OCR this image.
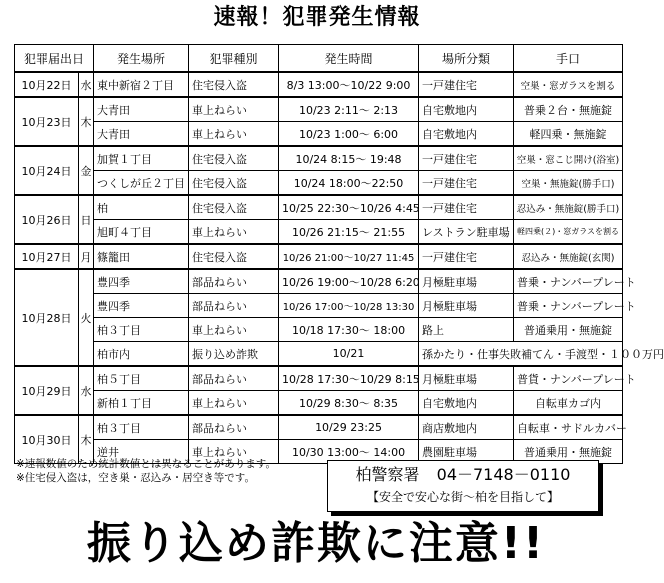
速報！犯罪発生情報
犯罪届出日		発生場所	犯罪種別	発生時間	場所分類	手口
10月22日	水	東中新宿２丁目	住宅侵入盗	8/3 13:00～10/22 9:00	一戸建住宅	空巣・窓ガラスを割る
10月23日	木	大青田	車上ねらい	10/23 2:11～ 2:13	自宅敷地内	普乗２台・無施錠
		大青田	車上ねらい	10/23 1:00～ 6:00	自宅敷地内	軽四乗・無施錠
10月24日	金	加賀１丁目	住宅侵入盗	10/24 8:15～ 19:48	一戸建住宅	空巣・窓こじ開け(浴室)
		つくしが丘２丁目	住宅侵入盗	10/24 18:00～22:50	一戸建住宅	空巣・無施錠(勝手口)
10月26日	日	柏	住宅侵入盗	10/25 22:30～10/26 4:45	一戸建住宅	忍込み・無施錠(勝手口)
		旭町４丁目	車上ねらい	10/26 21:15～ 21:55	レストラン駐車場	軽四乗(２)・窓ガラスを割る
10月27日	月	篠籠田	住宅侵入盗	10/26 21:00～10/27 11:45	一戸建住宅	忍込み・無施錠(玄関)
10月28日	火	豊四季	部品ねらい	10/26 19:00～10/28 6:20	月極駐車場	普乗・ナンバープレート
		豊四季	部品ねらい	10/26 17:00～10/28 13:30	月極駐車場	普乗・ナンバープレート
		柏３丁目	車上ねらい	10/18 17:30～ 18:00	路上	普通乗用・無施錠
		柏市内	振り込め詐欺	10/21	孫かたり・仕事失敗補てん・手渡型・１００万円	
10月29日	水	柏５丁目	部品ねらい	10/28 17:30～10/29 8:15	月極駐車場	普貨・ナンバープレート
		新柏１丁目	車上ねらい	10/29 8:30～ 8:35	自宅敷地内	自転車カゴ内
10月30日	木	柏３丁目	部品ねらい	10/29 23:25	商店敷地内	自転車・サドルカバー
		逆井	車上ねらい	10/30 13:00～ 14:00	農園駐車場	普通乗用・無施錠
※速報数値のため統計数値とは異なることがあります。
※住宅侵入盗は，空き巣・忍込み・居空き等です。	柏警察署 04－7148－0110
【安全で安心な街～柏を目指して】
振り込め詐欺に注意!!
